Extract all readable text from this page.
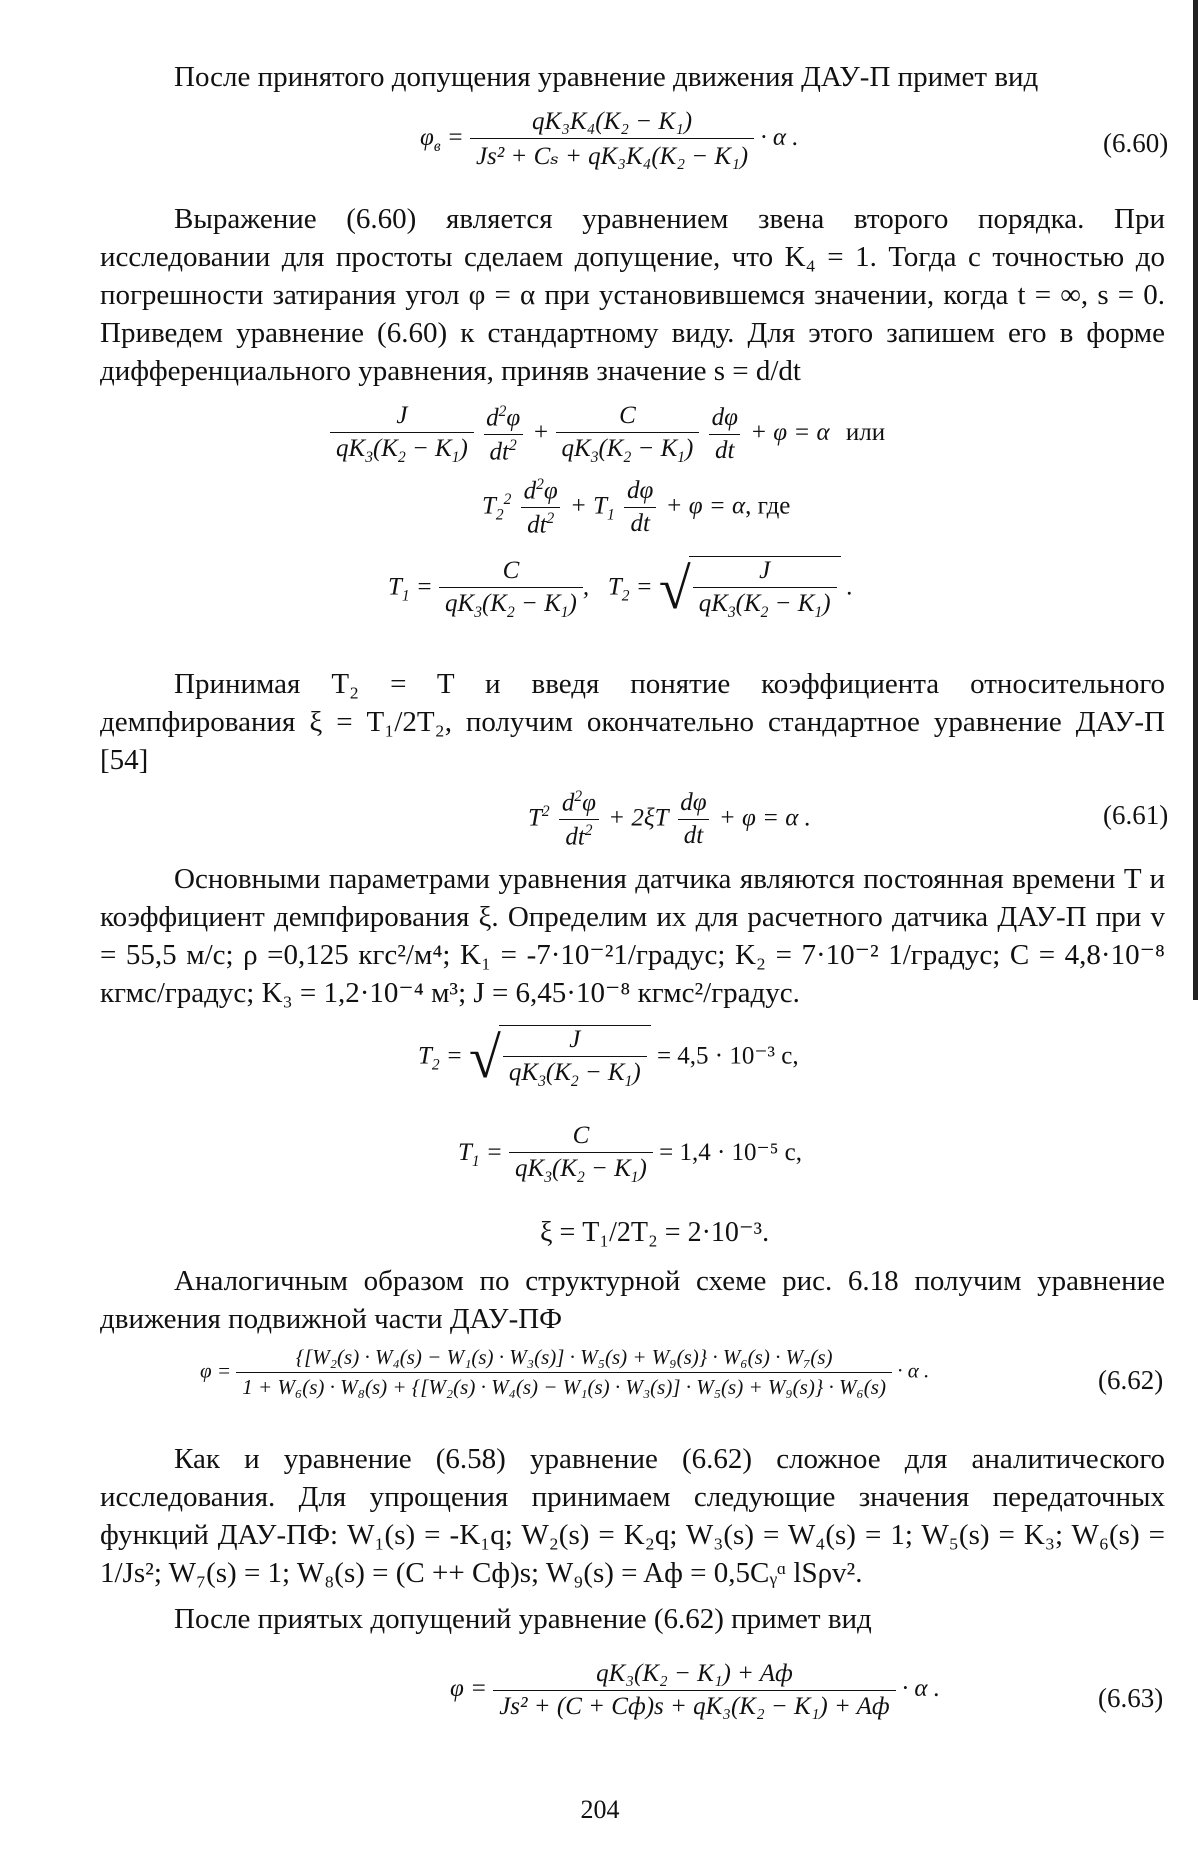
После принятого допущения уравнение движения ДАУ-П примет вид
$\varphi_в = \frac{\text{qK₃K₄(K₂ − K₁)}}{\text{Js² + Cₛ + qK₃K₄(K₂ − K₁)}} \cdot \alpha$ .	(6.60)
Выражение (6.60) является уравнением звена второго порядка. При исследовании для простоты сделаем допущение, что K₄ = 1. Тогда с точностью до погрешности затирания угол φ = α при установившемся значении, когда t = ∞, s = 0. Приведем уравнение (6.60) к стандартному виду. Для этого запишем его в форме дифференциального уравнения, приняв значение s = d/dt
$\frac{J}{qK_3(K_2 - K_1)}$
$\frac{d^2\varphi}{dt^2} + \frac{C}{qK_3(K_2 - K_1)}$
$\frac{d\varphi}{dt} + \varphi = \alpha$ или
$T_2^2 \frac{d^2\varphi}{dt^2} + T_1 \frac{d\varphi}{dt} + \varphi = \alpha$, где
$T_1 = \frac{C}{qK_3(K_2 - K_1)}$ ,   $T_2$ = √ $\frac{J}{qK_3(K_2 - K_1)}$ .
Принимая T₂ = T и введя понятие коэффициента относительного демпфирования ξ = T₁/2T₂, получим окончательно стандартное уравнение ДАУ-П [54]
$T^2 \frac{d^2\varphi}{dt^2} + 2\xi T \frac{d\varphi}{dt} + \varphi = \alpha$ .	(6.61)
Основными параметрами уравнения датчика являются постоянная времени T и коэффициент демпфирования ξ. Определим их для расчетного датчика ДАУ-П при v = 55,5 м/с; ρ =0,125 кгс²/м⁴; K₁ = -7·10⁻²1/градус; K₂ = 7·10⁻² 1/градус; C = 4,8·10⁻⁸ кгмс/градус; K₃ = 1,2·10⁻⁴ м³; J = 6,45·10⁻⁸ кгмс²/градус.
$T_2$ = √ $\frac{J}{qK_3(K_2 - K_1)} = 4,5 \cdot 10^{-3}$ c,
$T_1 = \frac{C}{qK_3(K_2 - K_1)} = 1,4 \cdot 10^{-5}$ c,
ξ = T₁/2T₂ = 2·10⁻³.
Аналогичным образом по структурной схеме рис. 6.18 получим уравнение движения подвижной части ДАУ-ПФ
φ =
{[W₂(s) · W₄(s) − W₁(s) · W₃(s)] · W₅(s) + W₉(s)} · W₆(s) · W₇(s)
1 + W₆(s) · W₈(s) + {[W₂(s) · W₄(s) − W₁(s) · W₃(s)] · W₅(s) + W₉(s)} · W₆(s)
· α .	(6.62)
Как и уравнение (6.58) уравнение (6.62) сложное для аналитического исследования. Для упрощения принимаем следующие значения передаточных функций ДАУ-ПФ: W₁(s) = -K₁q; W₂(s) = K₂q; W₃(s) = W₄(s) = 1; W₅(s) = K₃; W₆(s) = 1/Js²; W₇(s) = 1; W₈(s) = (C ++ Cф)s; W₉(s) = Aф = 0,5Cᵧᵅ lSρv².
После приятых допущений уравнение (6.62) примет вид
$\varphi = \frac{\text{qK₃(K₂ − K₁) + Aф}}{\text{Js² + (C + Cф)s + qK₃(K₂ − K₁) + Aф}} \cdot \alpha$ .	(6.63)
204
